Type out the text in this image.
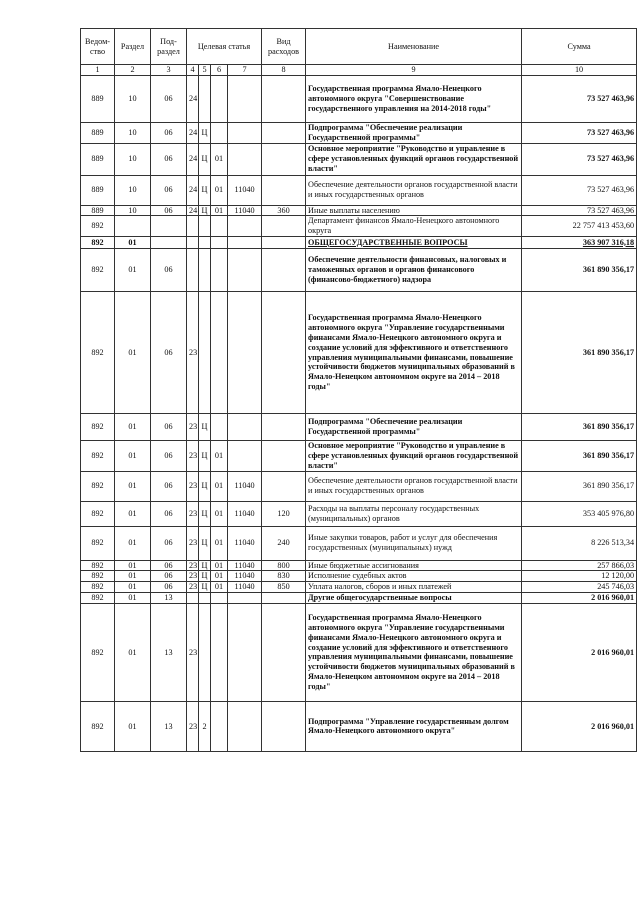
Ведом-ство	Раздел	Под-раздел	Целевая статья				Вид расходов	Наименование	Сумма
1	2	3	4	5	6	7	8	9	10
889	10	06	24					Государственная программа Ямало-Ненецкого автономного округа "Совершенствование государственного управления на 2014-2018 годы"	73 527 463,96
889	10	06	24	Ц				Подпрограмма "Обеспечение реализации Государственной программы"	73 527 463,96
889	10	06	24	Ц	01			Основное мероприятие "Руководство и управление в сфере установленных функций органов государственной власти"	73 527 463,96
889	10	06	24	Ц	01	11040		Обеспечение деятельности органов государственной власти и иных государственных органов	73 527 463,96
889	10	06	24	Ц	01	11040	360	Иные выплаты населению	73 527 463,96
892								Департамент финансов Ямало-Ненецкого автономного округа	22 757 413 453,60
892	01							ОБЩЕГОСУДАРСТВЕННЫЕ ВОПРОСЫ	363 907 316,18
892	01	06						Обеспечение деятельности финансовых, налоговых и таможенных органов и органов финансового (финансово-бюджетного) надзора	361 890 356,17
892	01	06	23					Государственная программа Ямало-Ненецкого автономного округа "Управление государственными финансами Ямало-Ненецкого автономного округа и создание условий для эффективного и ответственного управления муниципальными финансами, повышение устойчивости бюджетов муниципальных образований в Ямало-Ненецком автономном округе на 2014 – 2018 годы"	361 890 356,17
892	01	06	23	Ц				Подпрограмма "Обеспечение реализации Государственной программы"	361 890 356,17
892	01	06	23	Ц	01			Основное мероприятие "Руководство и управление в сфере установленных функций органов государственной власти"	361 890 356,17
892	01	06	23	Ц	01	11040		Обеспечение деятельности органов государственной власти и иных государственных органов	361 890 356,17
892	01	06	23	Ц	01	11040	120	Расходы на выплаты персоналу государственных (муниципальных) органов	353 405 976,80
892	01	06	23	Ц	01	11040	240	Иные закупки товаров, работ и услуг для обеспечения государственных (муниципальных) нужд	8 226 513,34
892	01	06	23	Ц	01	11040	800	Иные бюджетные ассигнования	257 866,03
892	01	06	23	Ц	01	11040	830	Исполнение судебных актов	12 120,00
892	01	06	23	Ц	01	11040	850	Уплата налогов, сборов и иных платежей	245 746,03
892	01	13						Другие общегосударственные вопросы	2 016 960,01
892	01	13	23					Государственная программа Ямало-Ненецкого автономного округа "Управление государственными финансами Ямало-Ненецкого автономного округа и создание условий для эффективного и ответственного управления муниципальными финансами, повышение устойчивости бюджетов муниципальных образований в Ямало-Ненецком автономном округе на 2014 – 2018 годы"	2 016 960,01
892	01	13	23	2				Подпрограмма "Управление государственным долгом Ямало-Ненецкого автономного округа"	2 016 960,01
